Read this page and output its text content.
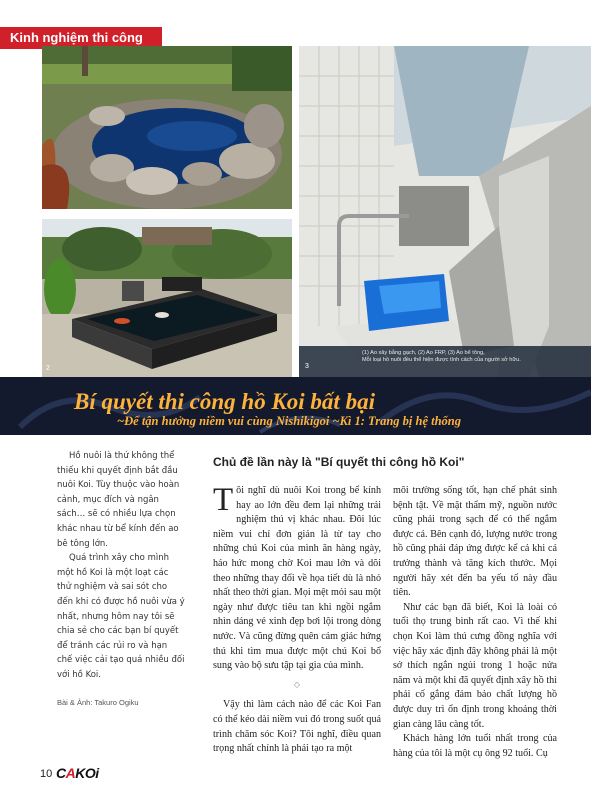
Kinh nghiệm thi công
2	3
(1) Ao xây bằng gạch, (2) Ao FRP, (3) Ao bể tông,
Mỗi loại hồ nuôi đều thể hiện được tính cách của người sở hữu.
Bí quyết thi công hồ Koi bất bại
~Để tận hưởng niềm vui cùng Nishikigoi ~Kì 1: Trang bị hệ thống

Hồ nuôi là thứ không thể thiếu khi quyết định bắt đầu nuôi Koi. Tùy thuộc vào hoàn cảnh, mục đích và ngân sách… sẽ có nhiều lựa chọn khác nhau từ bể kính đến ao bê tông lớn.

Quá trình xây cho mình một hồ Koi là một loạt các thử nghiệm và sai sót cho đến khi có được hồ nuôi vừa ý nhất, nhưng hôm nay tôi sẽ chia sẻ cho các bạn bí quyết để tránh các rủi ro và hạn chế việc cải tạo quá nhiều đối với hồ Koi.

Bài & Ảnh: Takuro Ogiku
Chủ đề lần này là "Bí quyết thi công hồ Koi"

Tôi nghĩ dù nuôi Koi trong bể kính hay ao lớn đều đem lại những trải nghiệm thú vị khác nhau. Đôi lúc niềm vui chỉ đơn giản là từ tay cho những chú Koi của mình ăn hàng ngày, háo hức mong chờ Koi mau lớn và dõi theo những thay đổi về họa tiết dù là nhỏ nhất theo thời gian. Mọi mệt mỏi sau một ngày như được tiêu tan khi ngồi ngắm nhìn dáng vẻ xinh đẹp bơi lội trong dòng nước. Và cũng đừng quên cảm giác hứng thú khi tìm mua được một chú Koi bổ sung vào bộ sưu tập tại gia của mình.

◇

Vậy thì làm cách nào để các Koi Fan có thể kéo dài niềm vui đó trong suốt quá trình chăm sóc Koi? Tôi nghĩ, điều quan trọng nhất chính là phải tạo ra một

môi trường sống tốt, hạn chế phát sinh bệnh tật. Về mặt thẩm mỹ, nguồn nước cũng phải trong sạch để có thể ngắm được cá. Bên cạnh đó, lượng nước trong hồ cũng phải đáp ứng được kể cả khi cá trưởng thành và tăng kích thước. Mọi người hãy xét đến ba yếu tố này đầu tiên.

Như các bạn đã biết, Koi là loài có tuổi thọ trung bình rất cao. Vì thế khi chọn Koi làm thú cưng đồng nghĩa với việc hãy xác định đây không phải là một sở thích ngắn ngủi trong 1 hoặc nửa năm và một khi đã quyết định xây hồ thì phải cố gắng đảm bảo chất lượng hồ được duy trì ổn định trong khoảng thời gian càng lâu càng tốt.

Khách hàng lớn tuổi nhất trong của hàng của tôi là một cụ ông 92 tuổi. Cụ

10 CAKOi
